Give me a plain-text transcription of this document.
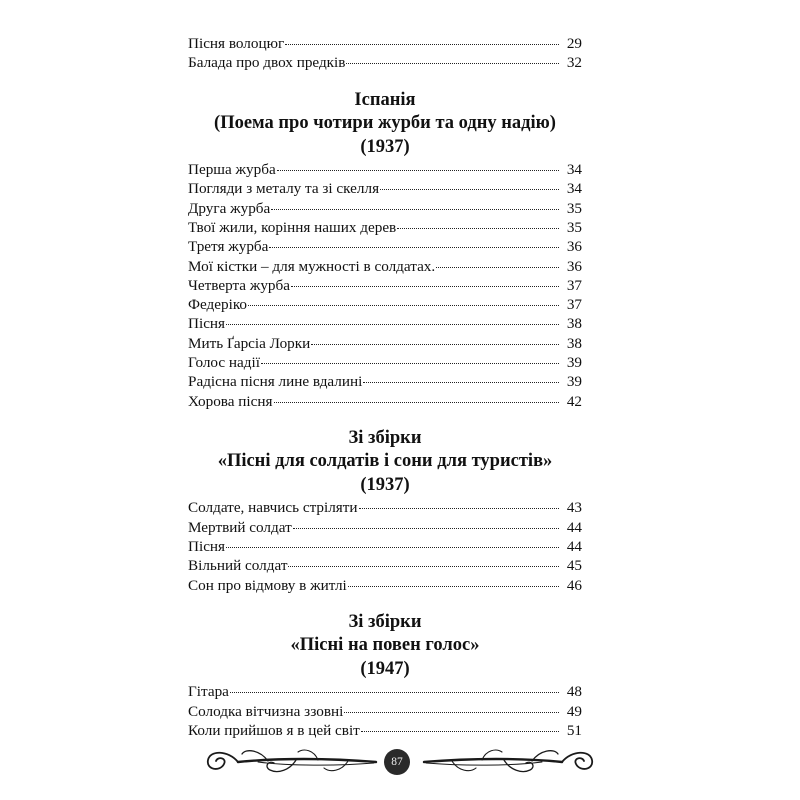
Пісня волоцюг	29
Балада про двох предків	32
Іспанія
(Поема про чотири журби та одну надію)
(1937)
Перша журба	34
Погляди з металу та зі скелля	34
Друга журба	35
Твої жили, коріння наших дерев	35
Третя журба	36
Мої кістки – для мужності в солдатах.	36
Четверта журба	37
Федеріко	37
Пісня	38
Мить Ґарсіа Лорки	38
Голос надії	39
Радісна пісня лине вдалині	39
Хорова пісня	42
Зі збірки
«Пісні для солдатів і сони для туристів»
(1937)
Солдате, навчись стріляти	43
Мертвий солдат	44
Пісня	44
Вільний солдат	45
Сон про відмову в житлі	46
Зі збірки
«Пісні на повен голос»
(1947)
Гітара	48
Солодка вітчизна ззовні	49
Коли прийшов я в цей світ	51
87
